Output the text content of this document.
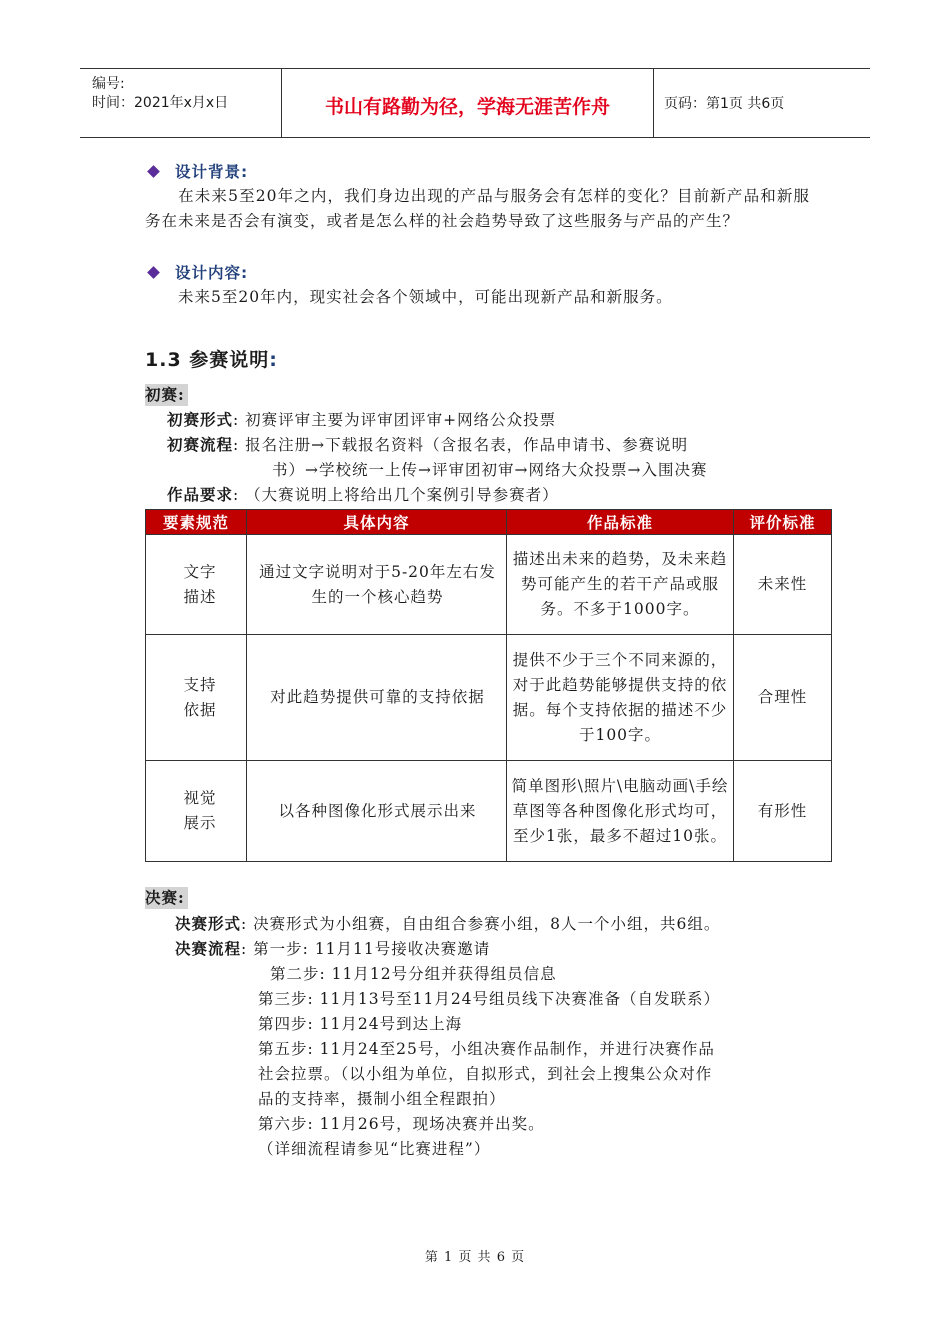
编号:
时间：2021年x月x日	书山有路勤为径，学海无涯苦作舟	页码：第1页 共6页
设计背景:

在未来5至20年之内，我们身边出现的产品与服务会有怎样的变化？目前新产品和新服务在未来是否会有演变，或者是怎么样的社会趋势导致了这些服务与产品的产生？

设计内容:

未来5至20年内，现实社会各个领域中，可能出现新产品和新服务。

1.3 参赛说明:
初赛:
初赛形式: 初赛评审主要为评审团评审+网络公众投票
初赛流程: 报名注册→下载报名资料（含报名表，作品申请书、参赛说明
书）→学校统一上传→评审团初审→网络大众投票→入围决赛
作品要求: （大赛说明上将给出几个案例引导参赛者）
要素规范	具体内容	作品标准	评价标准
文字描述	通过文字说明对于5-20年左右发生的一个核心趋势	描述出未来的趋势，及未来趋势可能产生的若干产品或服务。不多于1000字。	未来性
支持依据	对此趋势提供可靠的支持依据	提供不少于三个不同来源的，对于此趋势能够提供支持的依据。每个支持依据的描述不少于100字。	合理性
视觉展示	以各种图像化形式展示出来	简单图形\照片\电脑动画\手绘草图等各种图像化形式均可，至少1张，最多不超过10张。	有形性
决赛:
决赛形式: 决赛形式为小组赛，自由组合参赛小组，8人一个小组，共6组。
决赛流程: 第一步: 11月11号接收决赛邀请
第二步: 11月12号分组并获得组员信息
第三步: 11月13号至11月24号组员线下决赛准备（自发联系）
第四步: 11月24号到达上海
第五步: 11月24至25号，小组决赛作品制作，并进行决赛作品
社会拉票。（以小组为单位，自拟形式，到社会上搜集公众对作
品的支持率，摄制小组全程跟拍）
第六步: 11月26号，现场决赛并出奖。
（详细流程请参见“比赛进程”）
第 1 页 共 6 页
